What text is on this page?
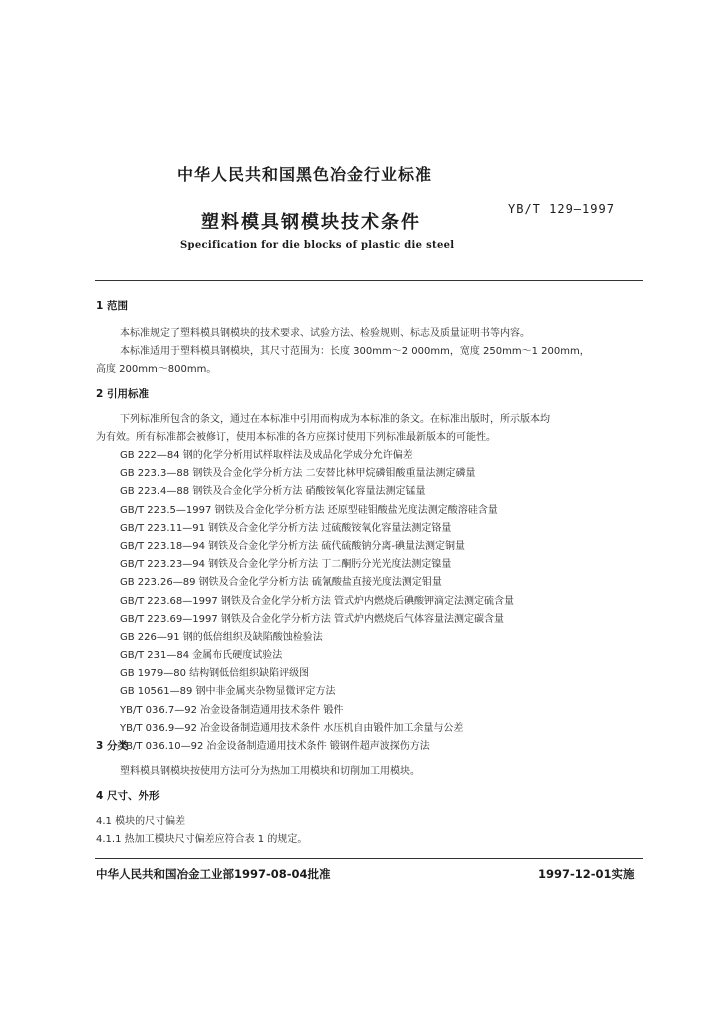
中华人民共和国黑色冶金行业标准
YB/T 129—1997
塑料模具钢模块技术条件
Specification for die blocks of plastic die steel
1 范围
本标准规定了塑料模具钢模块的技术要求、试验方法、检验规则、标志及质量证明书等内容。
本标准适用于塑料模具钢模块，其尺寸范围为：长度 300mm～2 000mm，宽度 250mm～1 200mm，
高度 200mm～800mm。
2 引用标准
下列标准所包含的条文，通过在本标准中引用而构成为本标准的条文。在标准出版时，所示版本均
为有效。所有标准都会被修订，使用本标准的各方应探讨使用下列标准最新版本的可能性。
GB 222—84 钢的化学分析用试样取样法及成品化学成分允许偏差
GB 223.3—88 钢铁及合金化学分析方法 二安替比林甲烷磷钼酸重量法测定磷量
GB 223.4—88 钢铁及合金化学分析方法 硝酸铵氧化容量法测定锰量
GB/T 223.5—1997 钢铁及合金化学分析方法 还原型硅钼酸盐光度法测定酸溶硅含量
GB/T 223.11—91 钢铁及合金化学分析方法 过硫酸铵氧化容量法测定铬量
GB/T 223.18—94 钢铁及合金化学分析方法 硫代硫酸钠分离-碘量法测定铜量
GB/T 223.23—94 钢铁及合金化学分析方法 丁二酮肟分光光度法测定镍量
GB 223.26—89 钢铁及合金化学分析方法 硫氰酸盐直接光度法测定钼量
GB/T 223.68—1997 钢铁及合金化学分析方法 管式炉内燃烧后碘酸钾滴定法测定硫含量
GB/T 223.69—1997 钢铁及合金化学分析方法 管式炉内燃烧后气体容量法测定碳含量
GB 226—91 钢的低倍组织及缺陷酸蚀检验法
GB/T 231—84 金属布氏硬度试验法
GB 1979—80 结构钢低倍组织缺陷评级图
GB 10561—89 钢中非金属夹杂物显微评定方法
YB/T 036.7—92 冶金设备制造通用技术条件 锻件
YB/T 036.9—92 冶金设备制造通用技术条件 水压机自由锻件加工余量与公差
YB/T 036.10—92 冶金设备制造通用技术条件 锻钢件超声波探伤方法
3 分类
塑料模具钢模块按使用方法可分为热加工用模块和切削加工用模块。
4 尺寸、外形
4.1 模块的尺寸偏差
4.1.1 热加工模块尺寸偏差应符合表 1 的规定。
中华人民共和国冶金工业部1997-08-04批准	1997-12-01实施
